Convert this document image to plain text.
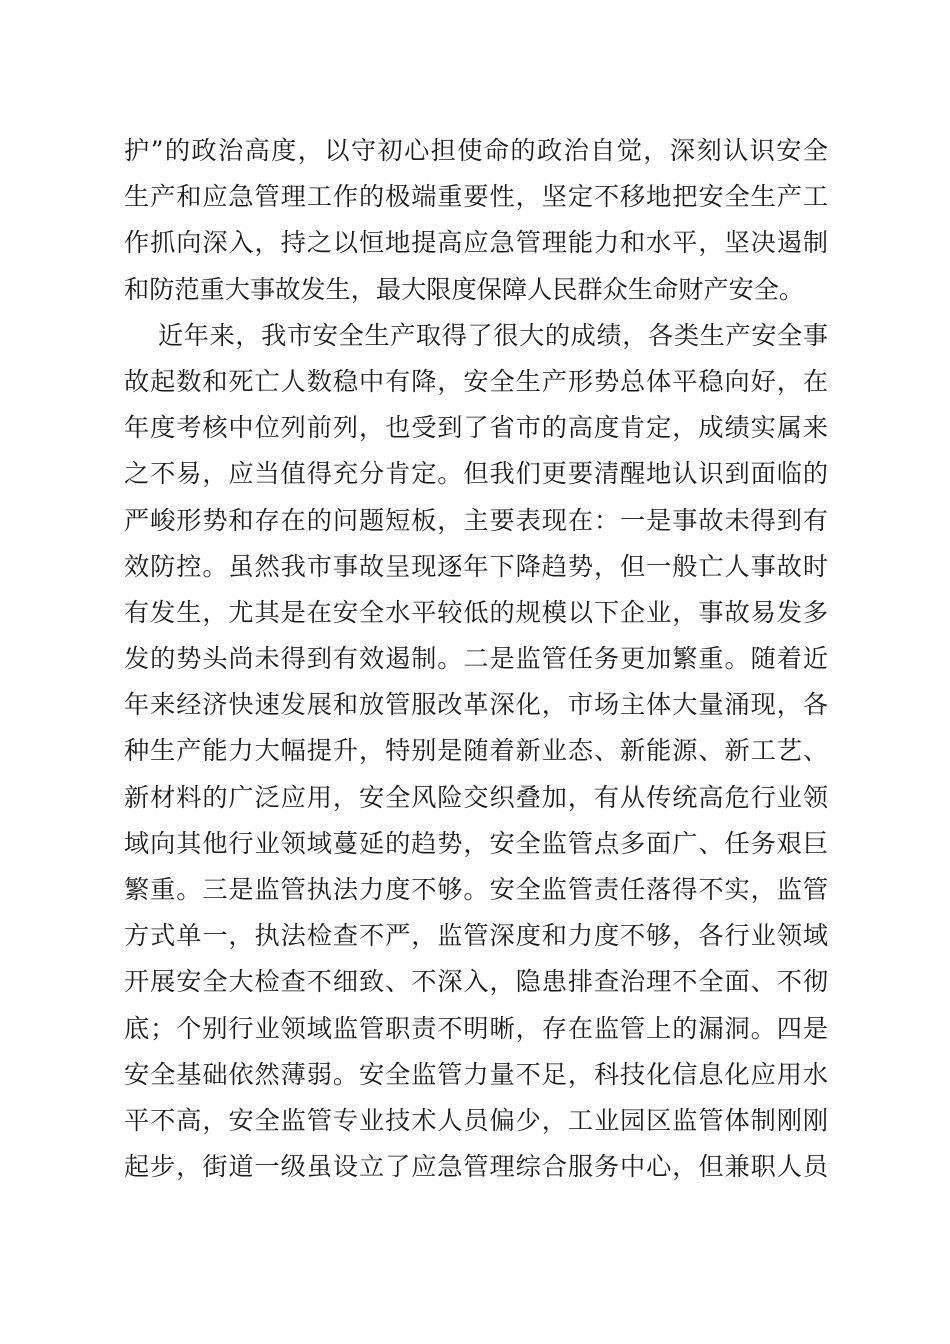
护”的政治高度，以守初心担使命的政治自觉，深刻认识安全
生产和应急管理工作的极端重要性，坚定不移地把安全生产工
作抓向深入，持之以恒地提高应急管理能力和水平，坚决遏制
和防范重大事故发生，最大限度保障人民群众生命财产安全。
近年来，我市安全生产取得了很大的成绩，各类生产安全事
故起数和死亡人数稳中有降，安全生产形势总体平稳向好，在
年度考核中位列前列，也受到了省市的高度肯定，成绩实属来
之不易，应当值得充分肯定。但我们更要清醒地认识到面临的
严峻形势和存在的问题短板，主要表现在：一是事故未得到有
效防控。虽然我市事故呈现逐年下降趋势，但一般亡人事故时
有发生，尤其是在安全水平较低的规模以下企业，事故易发多
发的势头尚未得到有效遏制。二是监管任务更加繁重。随着近
年来经济快速发展和放管服改革深化，市场主体大量涌现，各
种生产能力大幅提升，特别是随着新业态、新能源、新工艺、
新材料的广泛应用，安全风险交织叠加，有从传统高危行业领
域向其他行业领域蔓延的趋势，安全监管点多面广、任务艰巨
繁重。三是监管执法力度不够。安全监管责任落得不实，监管
方式单一，执法检查不严，监管深度和力度不够，各行业领域
开展安全大检查不细致、不深入，隐患排查治理不全面、不彻
底；个别行业领域监管职责不明晰，存在监管上的漏洞。四是
安全基础依然薄弱。安全监管力量不足，科技化信息化应用水
平不高，安全监管专业技术人员偏少，工业园区监管体制刚刚
起步，街道一级虽设立了应急管理综合服务中心，但兼职人员
